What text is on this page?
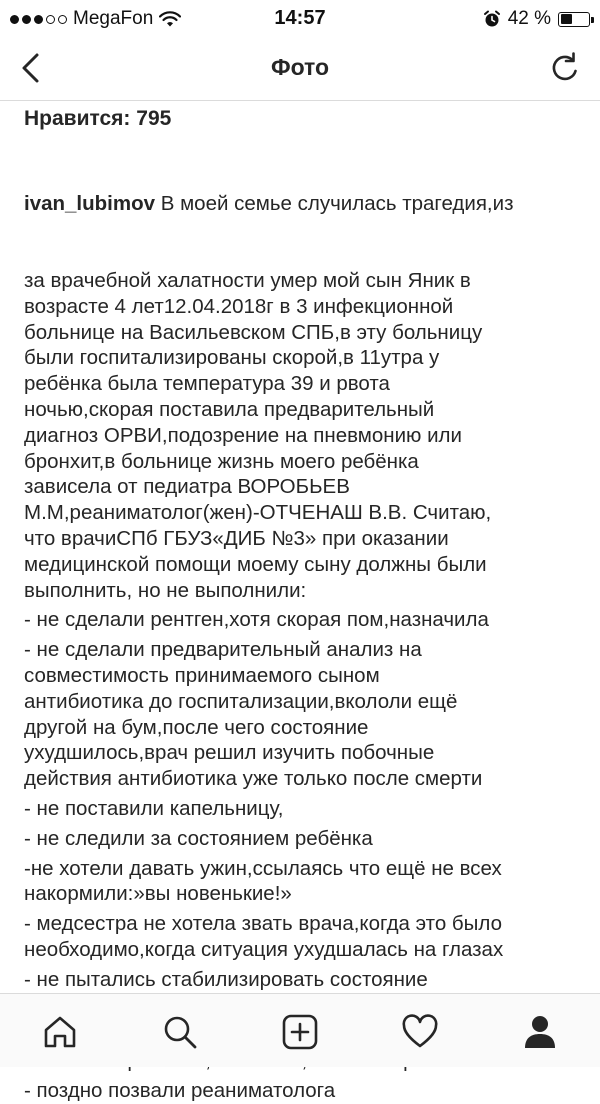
MegaFon	14:57	42 %
Фото
Нравится: 795

ivan_lubimov В моей семье случилась трагедия,из

за врачебной халатности умер мой сын Яник в
возрасте 4 лет12.04.2018г в 3 инфекционной
больнице на Васильевском СПБ,в эту больницу
были госпитализированы скорой,в 11утра у
ребёнка была температура 39 и рвота
ночью,скорая поставила предварительный
диагноз ОРВИ,подозрение на пневмонию или
бронхит,в больнице жизнь моего ребёнка
зависела от педиатра ВОРОБЬЕВ
М.М,реаниматолог(жен)-ОТЧЕНАШ В.В. Считаю,
что врачиСПб ГБУЗ«ДИБ №3» при оказании
медицинской помощи моему сыну должны были
выполнить, но не выполнили:
- не сделали рентген,хотя скорая пом,назначила
- не сделали предварительный анализ на
совместимость принимаемого сыном
антибиотика до госпитализации,вкололи ещё
другой на бум,после чего состояние
ухудшилось,врач решил изучить побочные
действия антибиотика уже только после смерти
- не поставили капельницу,
- не следили за состоянием ребёнка
-не хотели давать ужин,ссылаясь что ещё не всех
накормили:»вы новенькие!»
- медсестра не хотела звать врача,когда это было
необходимо,когда ситуация ухудшалась на глазах
- не пытались стабилизировать состояние
- поздно позвали реаниматолога
